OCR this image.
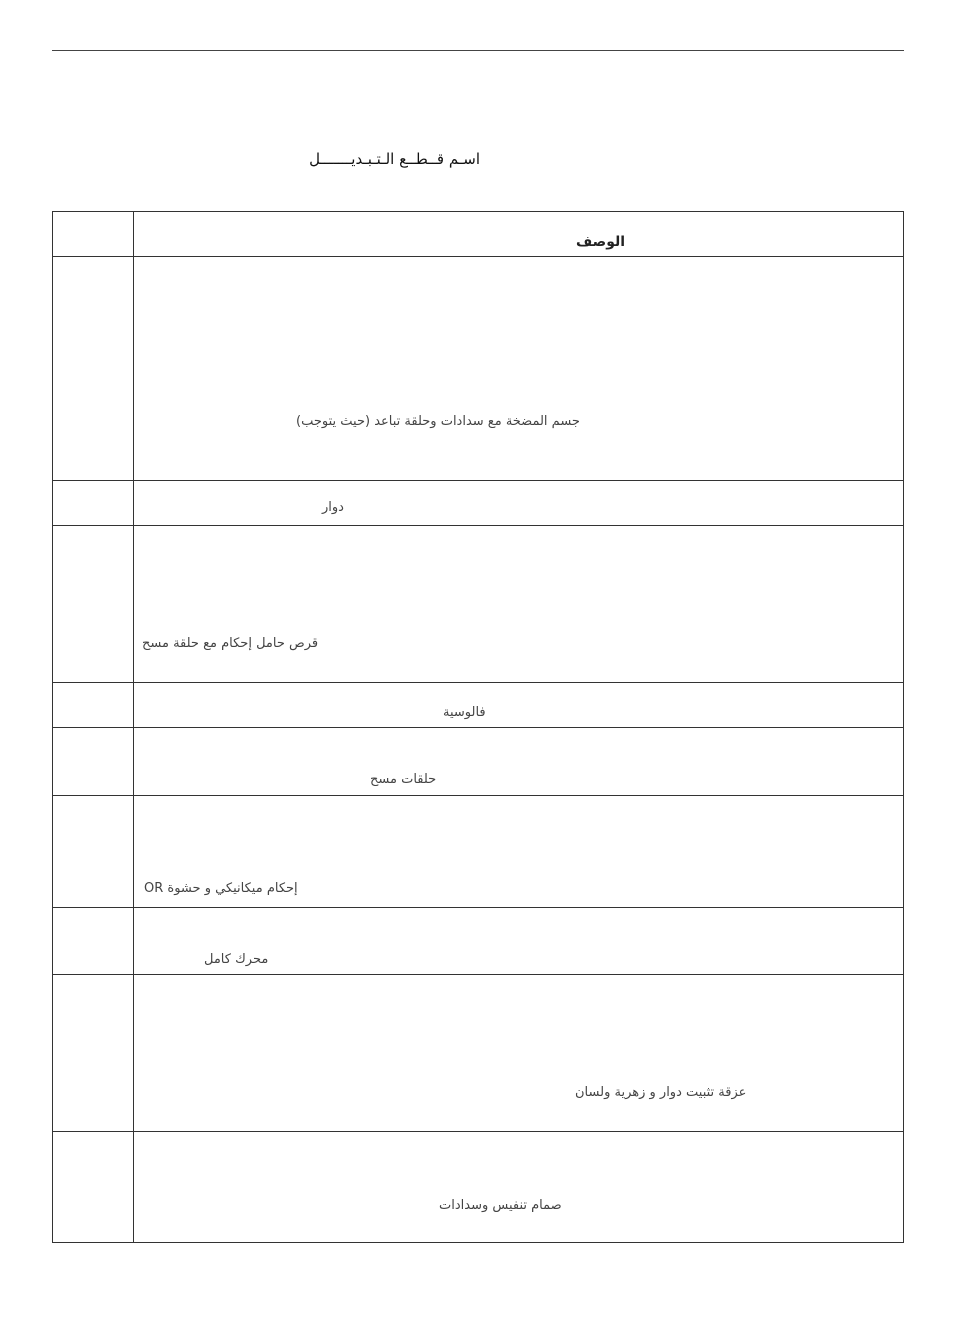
اسـم قــطــع الـتـبـديـــــــل

	الوصف

	جسم المضخة مع سدادات وحلقة تباعد (حيث يتوجب)

	دوار

	قرص حامل إحكام مع حلقة مسح

	فالوسية

	حلقات مسح

	إحكام ميكانيكي و حشوة OR

	محرك كامل

	عزقة تثبيت دوار و زهرية ولسان

	صمام تنفيس وسدادات
